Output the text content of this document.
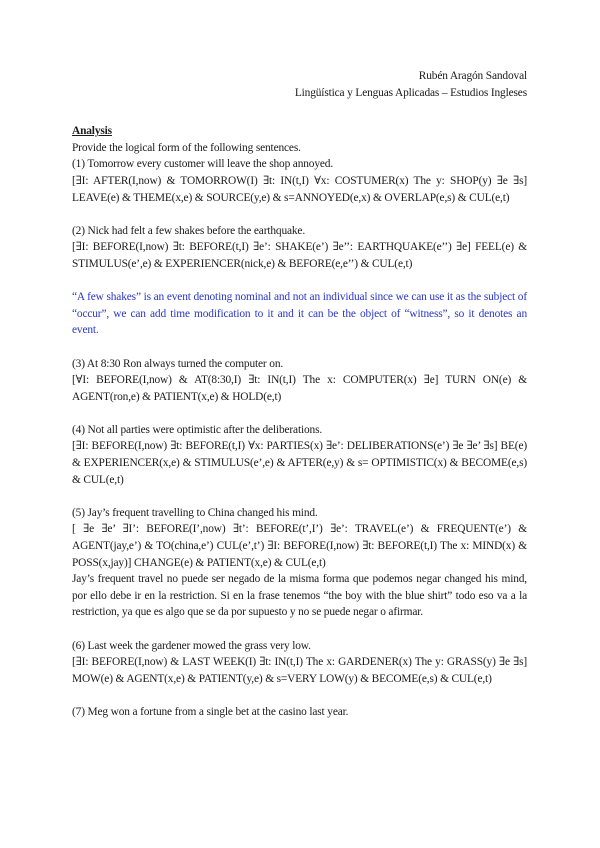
Rubén Aragón Sandoval
Lingüística y Lenguas Aplicadas – Estudios Ingleses

Analysis

Provide the logical form of the following sentences.

(1) Tomorrow every customer will leave the shop annoyed.

[∃I: AFTER(I,now) & TOMORROW(I) ∃t: IN(t,I) ∀x: COSTUMER(x) The y: SHOP(y) ∃e ∃s] LEAVE(e) & THEME(x,e) & SOURCE(y,e) & s=ANNOYED(e,x) & OVERLAP(e,s) & CUL(e,t)

(2) Nick had felt a few shakes before the earthquake.

[∃I: BEFORE(I,now) ∃t: BEFORE(t,I) ∃e’: SHAKE(e’) ∃e’’: EARTHQUAKE(e’’) ∃e] FEEL(e) & STIMULUS(e’,e) & EXPERIENCER(nick,e) & BEFORE(e,e’’) & CUL(e,t)

“A few shakes” is an event denoting nominal and not an individual since we can use it as the subject of “occur”, we can add time modification to it and it can be the object of “witness”, so it denotes an event.

(3) At 8:30 Ron always turned the computer on.

[∀I: BEFORE(I,now) & AT(8:30,I) ∃t: IN(t,I) The x: COMPUTER(x) ∃e] TURN ON(e) & AGENT(ron,e) & PATIENT(x,e) & HOLD(e,t)

(4) Not all parties were optimistic after the deliberations.

[∃I: BEFORE(I,now) ∃t: BEFORE(t,I) ∀x: PARTIES(x) ∃e’: DELIBERATIONS(e’) ∃e ∃e’ ∃s] BE(e) & EXPERIENCER(x,e) & STIMULUS(e’,e) & AFTER(e,y) & s= OPTIMISTIC(x) & BECOME(e,s) & CUL(e,t)

(5) Jay’s frequent travelling to China changed his mind.

[ ∃e ∃e’ ∃I’: BEFORE(I’,now) ∃t’: BEFORE(t’,I’) ∃e’: TRAVEL(e’) & FREQUENT(e’) & AGENT(jay,e’) & TO(china,e’) CUL(e’,t’) ∃I: BEFORE(I,now) ∃t: BEFORE(t,I) The x: MIND(x) & POSS(x,jay)] CHANGE(e) & PATIENT(x,e) & CUL(e,t)

Jay’s frequent travel no puede ser negado de la misma forma que podemos negar changed his mind, por ello debe ir en la restriction. Si en la frase tenemos “the boy with the blue shirt” todo eso va a la restriction, ya que es algo que se da por supuesto y no se puede negar o afirmar.

(6) Last week the gardener mowed the grass very low.

[∃I: BEFORE(I,now) & LAST WEEK(I) ∃t: IN(t,I) The x: GARDENER(x) The y: GRASS(y) ∃e ∃s] MOW(e) & AGENT(x,e) & PATIENT(y,e) & s=VERY LOW(y) & BECOME(e,s) & CUL(e,t)

(7) Meg won a fortune from a single bet at the casino last year.
